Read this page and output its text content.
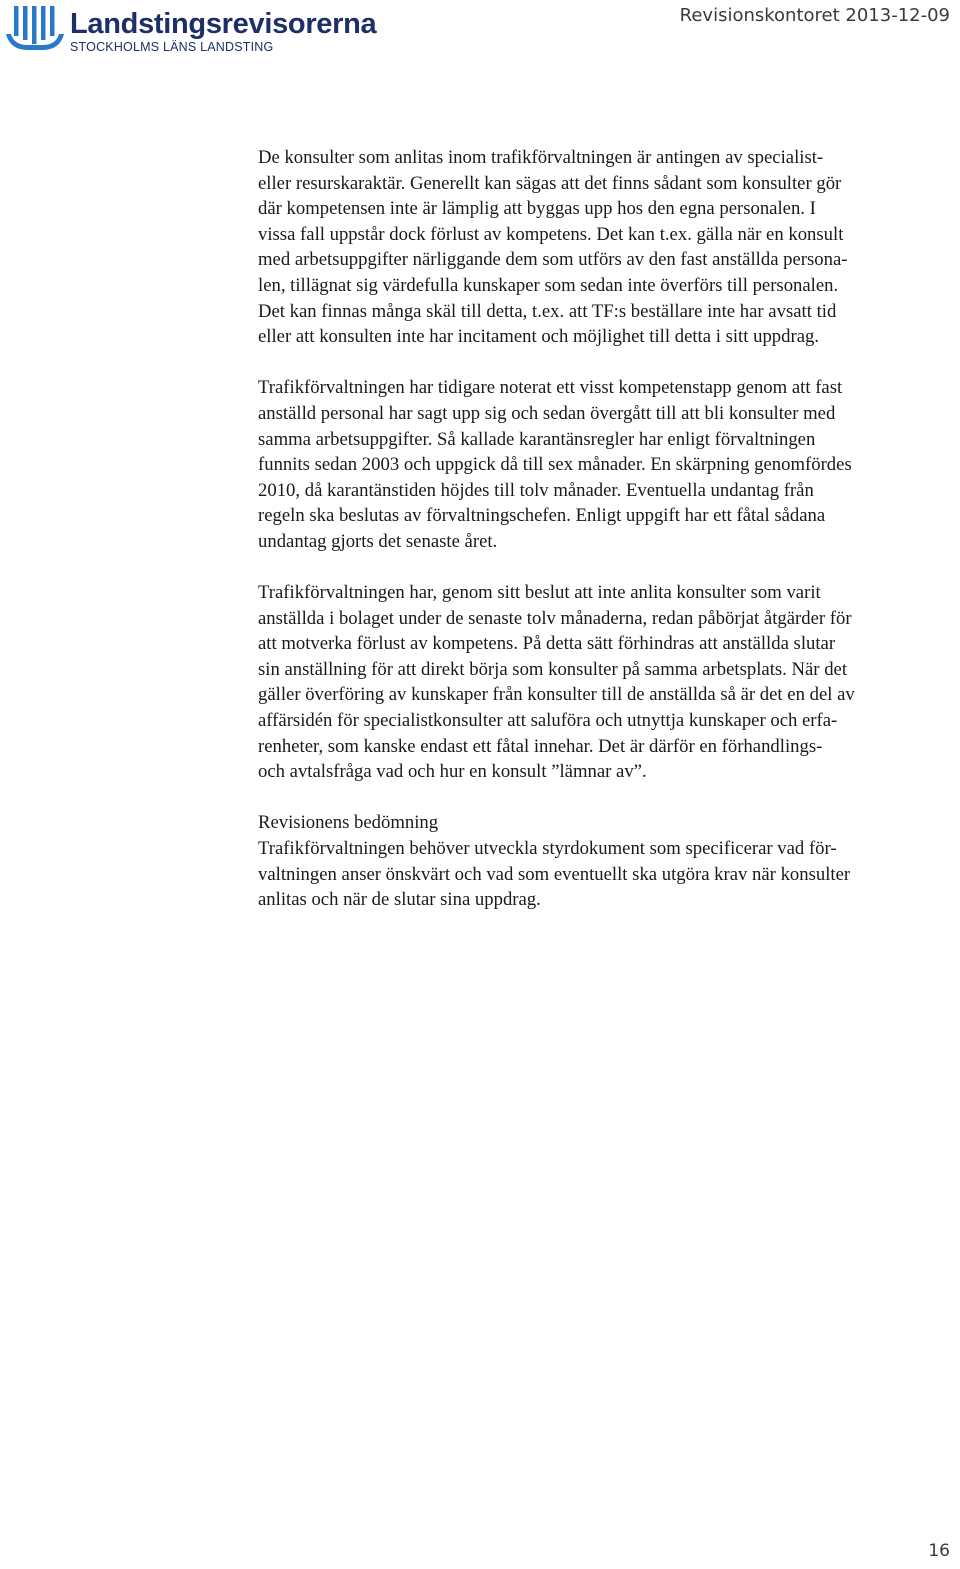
Landstingsrevisorerna
STOCKHOLMS LÄNS LANDSTING
Revisionskontoret 2013-12-09

De konsulter som anlitas inom trafikförvaltningen är antingen av specialist-
eller resurskaraktär. Generellt kan sägas att det finns sådant som konsulter gör
där kompetensen inte är lämplig att byggas upp hos den egna personalen. I
vissa fall uppstår dock förlust av kompetens. Det kan t.ex. gälla när en konsult
med arbetsuppgifter närliggande dem som utförs av den fast anställda persona-
len, tillägnat sig värdefulla kunskaper som sedan inte överförs till personalen.
Det kan finnas många skäl till detta, t.ex. att TF:s beställare inte har avsatt tid
eller att konsulten inte har incitament och möjlighet till detta i sitt uppdrag.

Trafikförvaltningen har tidigare noterat ett visst kompetenstapp genom att fast
anställd personal har sagt upp sig och sedan övergått till att bli konsulter med
samma arbetsuppgifter. Så kallade karantänsregler har enligt förvaltningen
funnits sedan 2003 och uppgick då till sex månader. En skärpning genomfördes
2010, då karantänstiden höjdes till tolv månader. Eventuella undantag från
regeln ska beslutas av förvaltningschefen. Enligt uppgift har ett fåtal sådana
undantag gjorts det senaste året.

Trafikförvaltningen har, genom sitt beslut att inte anlita konsulter som varit
anställda i bolaget under de senaste tolv månaderna, redan påbörjat åtgärder för
att motverka förlust av kompetens. På detta sätt förhindras att anställda slutar
sin anställning för att direkt börja som konsulter på samma arbetsplats. När det
gäller överföring av kunskaper från konsulter till de anställda så är det en del av
affärsidén för specialistkonsulter att saluföra och utnyttja kunskaper och erfa-
renheter, som kanske endast ett fåtal innehar. Det är därför en förhandlings-
och avtalsfråga vad och hur en konsult ”lämnar av”.

Revisionens bedömning

Trafikförvaltningen behöver utveckla styrdokument som specificerar vad för-
valtningen anser önskvärt och vad som eventuellt ska utgöra krav när konsulter
anlitas och när de slutar sina uppdrag.

16
